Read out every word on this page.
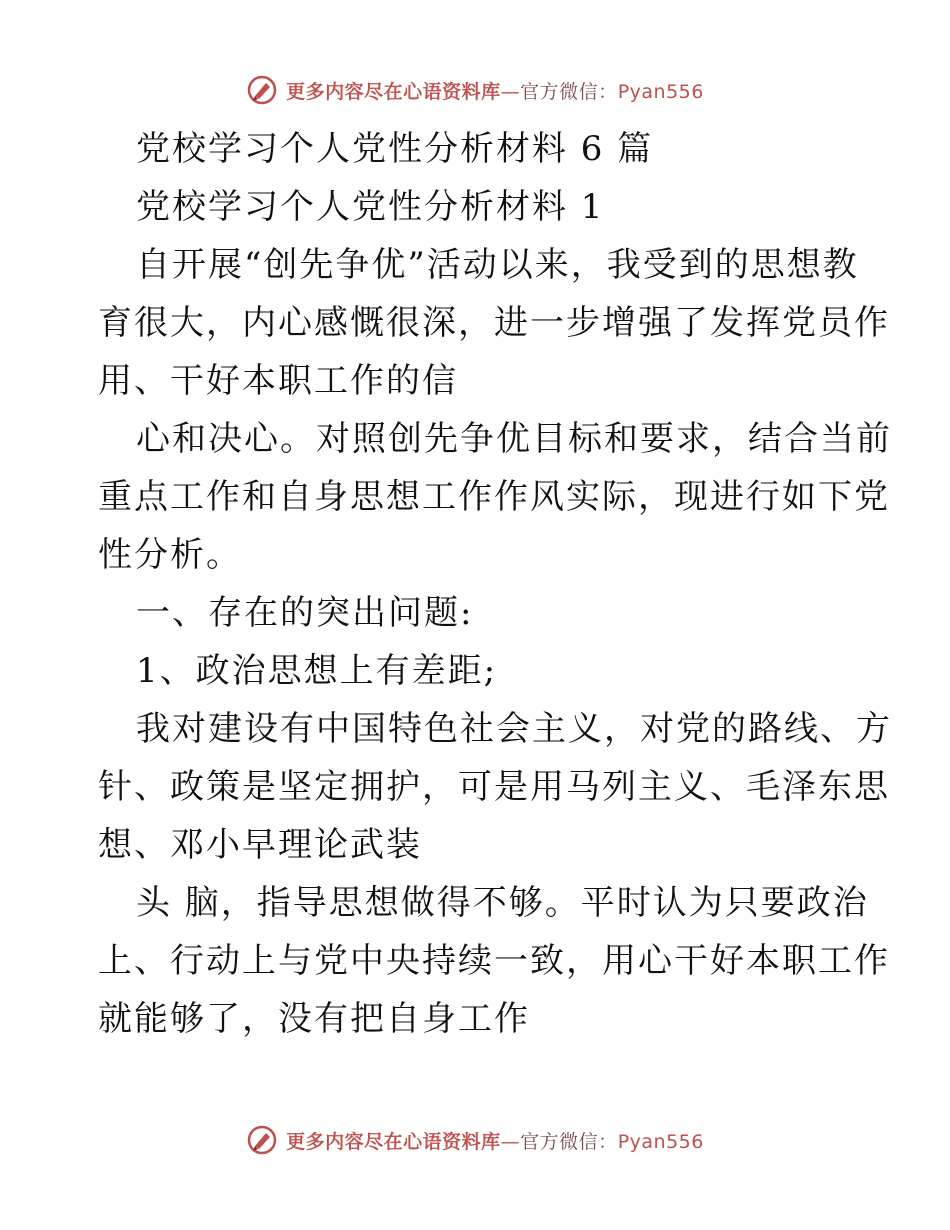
更多内容尽在心语资料库—官方微信：Pyan556
党校学习个人党性分析材料 6 篇
党校学习个人党性分析材料 1
自开展“创先争优”活动以来，我受到的思想教
育很大，内心感慨很深，进一步增强了发挥党员作
用、干好本职工作的信
心和决心。对照创先争优目标和要求，结合当前
重点工作和自身思想工作作风实际，现进行如下党
性分析。
一、存在的突出问题:
1、政治思想上有差距;
我对建设有中国特色社会主义，对党的路线、方
针、政策是坚定拥护，可是用马列主义、毛泽东思
想、邓小早理论武装
头 脑，指导思想做得不够。平时认为只要政治
上、行动上与党中央持续一致，用心干好本职工作
就能够了，没有把自身工作
更多内容尽在心语资料库—官方微信：Pyan556
